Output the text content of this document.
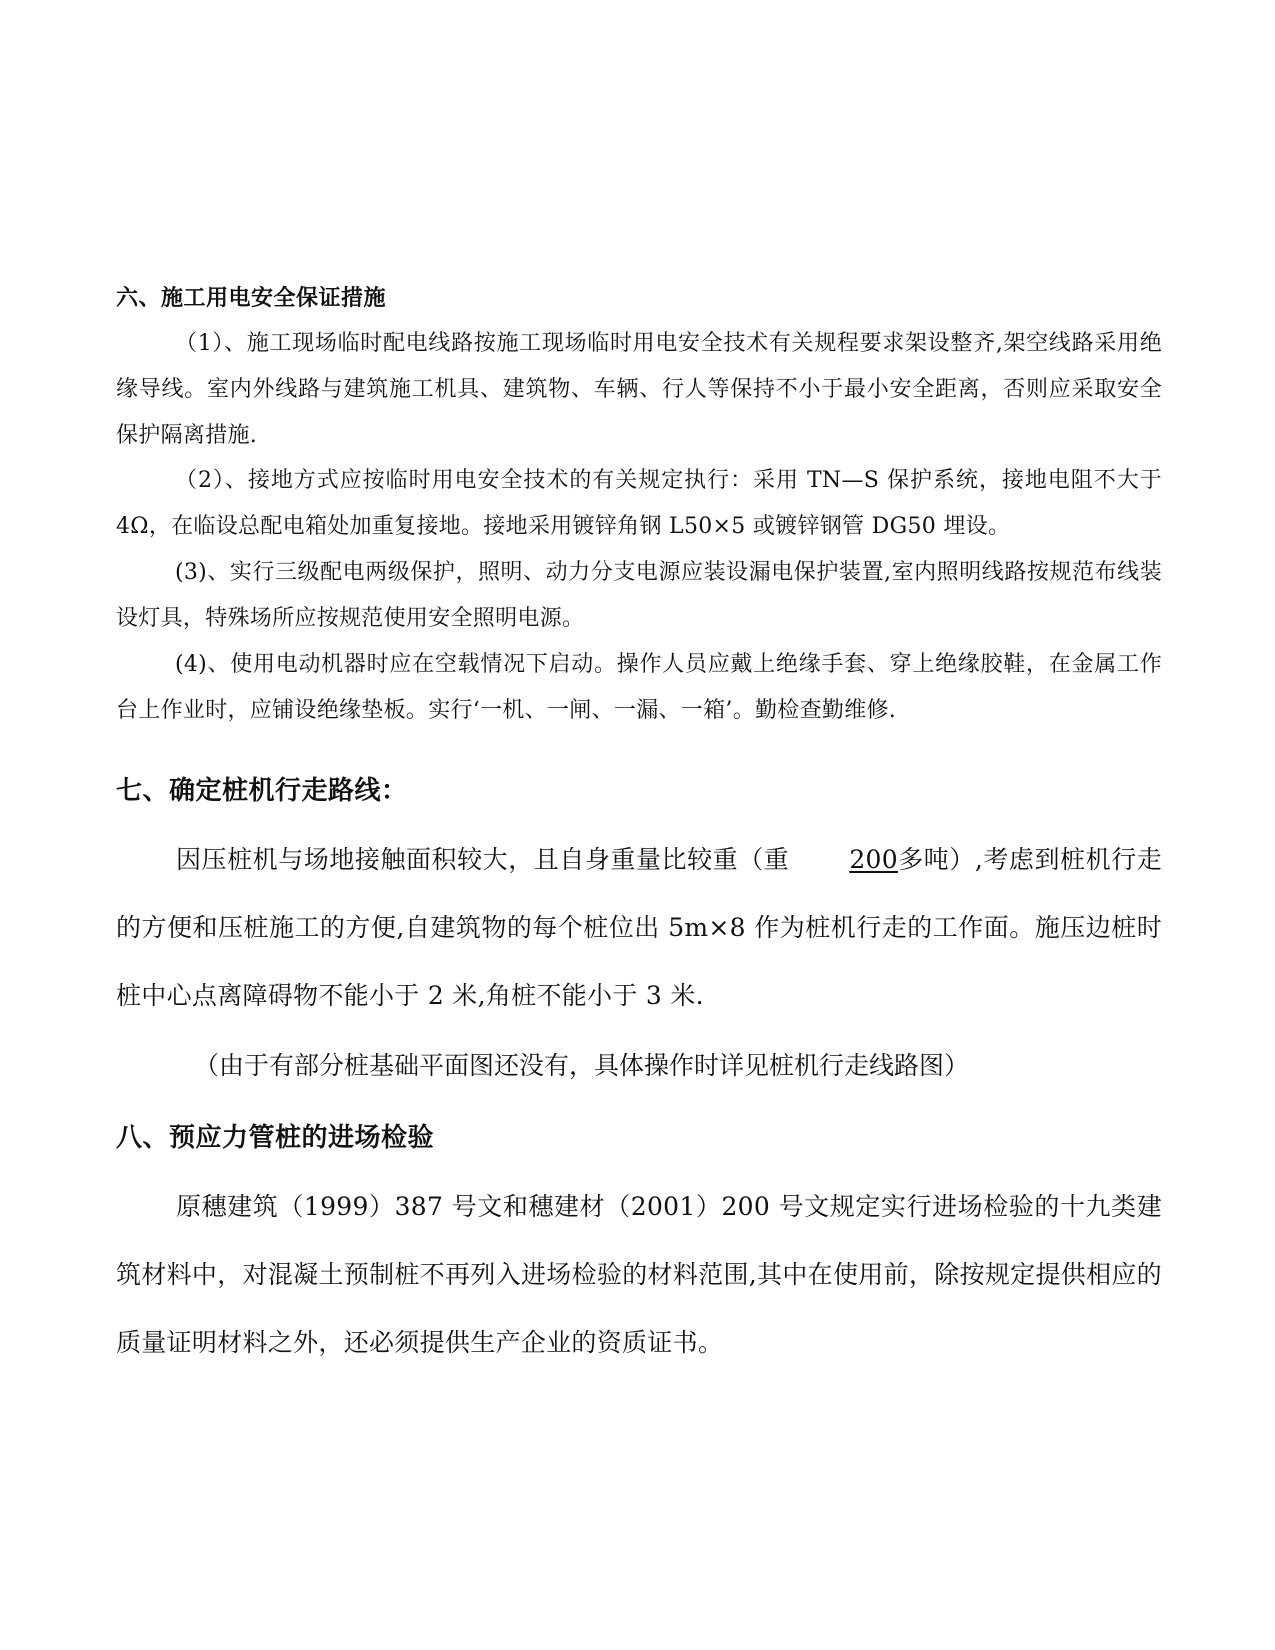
六、施工用电安全保证措施

（1）、施工现场临时配电线路按施工现场临时用电安全技术有关规程要求架设整齐,架空线路采用绝缘导线。室内外线路与建筑施工机具、建筑物、车辆、行人等保持不小于最小安全距离，否则应采取安全保护隔离措施.

（2）、接地方式应按临时用电安全技术的有关规定执行：采用 TN—S 保护系统，接地电阻不大于 4Ω，在临设总配电箱处加重复接地。接地采用镀锌角钢 L50×5 或镀锌钢管 DG50 埋设。

(3)、实行三级配电两级保护，照明、动力分支电源应装设漏电保护装置,室内照明线路按规范布线装设灯具，特殊场所应按规范使用安全照明电源。

(4)、使用电动机器时应在空载情况下启动。操作人员应戴上绝缘手套、穿上绝缘胶鞋，在金属工作台上作业时，应铺设绝缘垫板。实行‘一机、一闸、一漏、一箱’。勤检查勤维修.

七、确定桩机行走路线：

因压桩机与场地接触面积较大，且自身重量比较重（重 200多吨）,考虑到桩机行走的方便和压桩施工的方便,自建筑物的每个桩位出 5m×8 作为桩机行走的工作面。施压边桩时桩中心点离障碍物不能小于 2 米,角桩不能小于 3 米.

（由于有部分桩基础平面图还没有，具体操作时详见桩机行走线路图）

八、预应力管桩的进场检验

原穗建筑（1999）387 号文和穗建材（2001）200 号文规定实行进场检验的十九类建筑材料中，对混凝土预制桩不再列入进场检验的材料范围,其中在使用前，除按规定提供相应的质量证明材料之外，还必须提供生产企业的资质证书。
